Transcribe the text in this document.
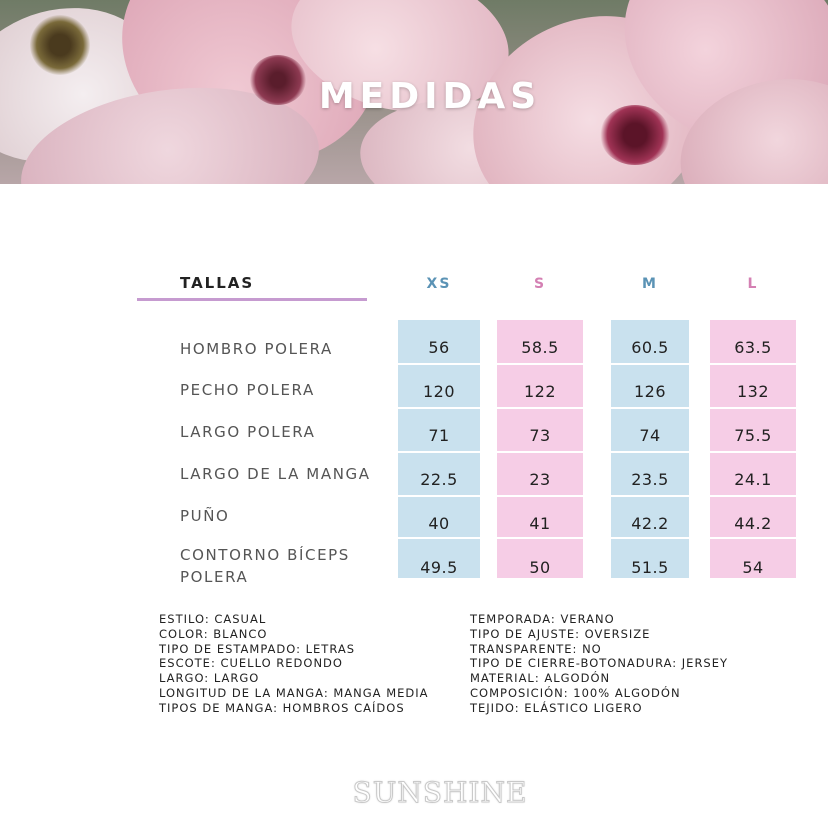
MEDIDAS
TALLAS	XS	S	M	L
HOMBRO POLERA	56	58.5	60.5	63.5
PECHO POLERA	120	122	126	132
LARGO POLERA	71	73	74	75.5
LARGO DE LA MANGA	22.5	23	23.5	24.1
PUÑO	40	41	42.2	44.2
CONTORNO BÍCEPS
POLERA	49.5	50	51.5	54
ESTILO: CASUAL
COLOR: BLANCO
TIPO DE ESTAMPADO: LETRAS
ESCOTE: CUELLO REDONDO
LARGO: LARGO
LONGITUD DE LA MANGA: MANGA MEDIA
TIPOS DE MANGA: HOMBROS CAÍDOS
TEMPORADA: VERANO
TIPO DE AJUSTE: OVERSIZE
TRANSPARENTE: NO
TIPO DE CIERRE-BOTONADURA: JERSEY
MATERIAL: ALGODÓN
COMPOSICIÓN: 100% ALGODÓN
TEJIDO: ELÁSTICO LIGERO
SUNSHINE
